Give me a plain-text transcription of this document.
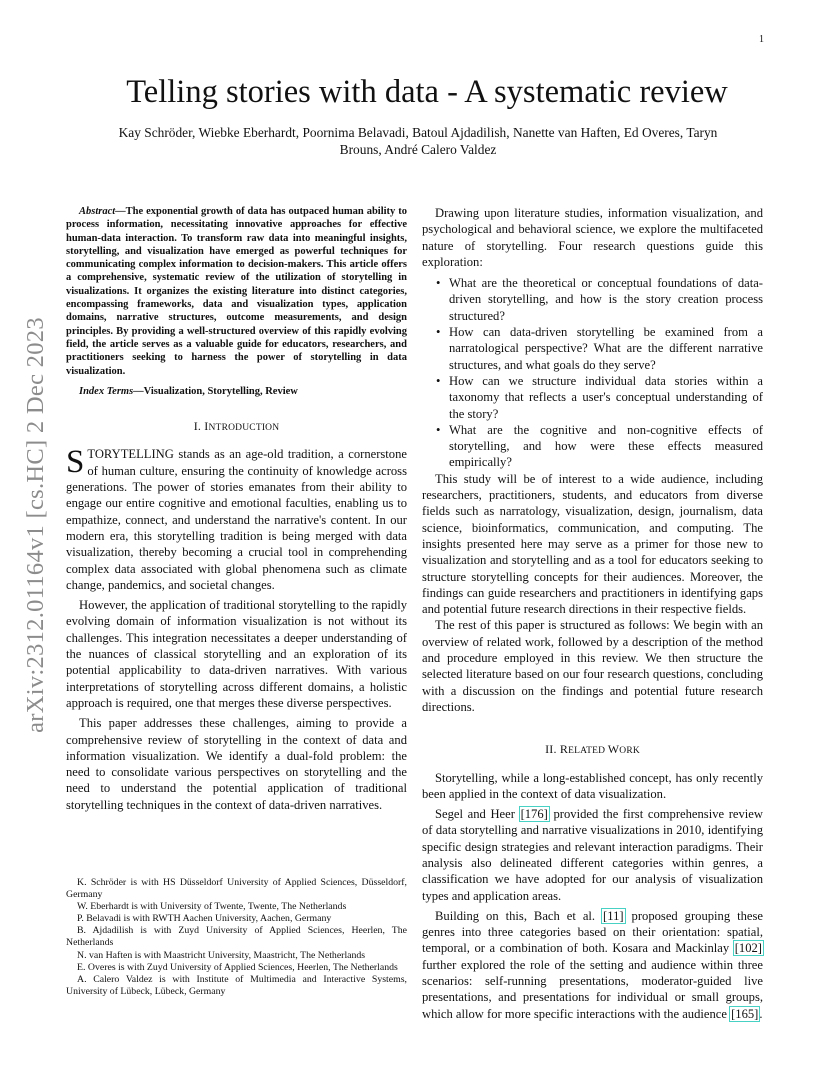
1
arXiv:2312.01164v1 [cs.HC] 2 Dec 2023
Telling stories with data - A systematic review
Kay Schröder, Wiebke Eberhardt, Poornima Belavadi, Batoul Ajdadilish, Nanette van Haften, Ed Overes, Taryn
Brouns, André Calero Valdez

Abstract—The exponential growth of data has outpaced human ability to process information, necessitating innovative approaches for effective human-data interaction. To transform raw data into meaningful insights, storytelling, and visualization have emerged as powerful techniques for communicating complex information to decision-makers. This article offers a comprehensive, systematic review of the utilization of storytelling in visualizations. It organizes the existing literature into distinct categories, encompassing frameworks, data and visualization types, application domains, narrative structures, outcome measurements, and design principles. By providing a well-structured overview of this rapidly evolving field, the article serves as a valuable guide for educators, researchers, and practitioners seeking to harness the power of storytelling in data visualization.

Index Terms—Visualization, Storytelling, Review

I. INTRODUCTION

STORYTELLING stands as an age-old tradition, a cornerstone of human culture, ensuring the continuity of knowledge across generations. The power of stories emanates from their ability to engage our entire cognitive and emotional faculties, enabling us to empathize, connect, and understand the narrative's content. In our modern era, this storytelling tradition is being merged with data visualization, thereby becoming a crucial tool in comprehending complex data associated with global phenomena such as climate change, pandemics, and societal changes.

However, the application of traditional storytelling to the rapidly evolving domain of information visualization is not without its challenges. This integration necessitates a deeper understanding of the nuances of classical storytelling and an exploration of its potential applicability to data-driven narratives. With various interpretations of storytelling across different domains, a holistic approach is required, one that merges these diverse perspectives.

This paper addresses these challenges, aiming to provide a comprehensive review of storytelling in the context of data and information visualization. We identify a dual-fold problem: the need to consolidate various perspectives on storytelling and the need to understand the potential application of traditional storytelling techniques in the context of data-driven narratives.

K. Schröder is with HS Düsseldorf University of Applied Sciences, Düsseldorf, Germany

W. Eberhardt is with University of Twente, Twente, The Netherlands

P. Belavadi is with RWTH Aachen University, Aachen, Germany

B. Ajdadilish is with Zuyd University of Applied Sciences, Heerlen, The Netherlands

N. van Haften is with Maastricht University, Maastricht, The Netherlands

E. Overes is with Zuyd University of Applied Sciences, Heerlen, The Netherlands

A. Calero Valdez is with Institute of Multimedia and Interactive Systems, University of Lübeck, Lübeck, Germany

Drawing upon literature studies, information visualization, and psychological and behavioral science, we explore the multifaceted nature of storytelling. Four research questions guide this exploration:

• What are the theoretical or conceptual foundations of data-driven storytelling, and how is the story creation process structured?
• How can data-driven storytelling be examined from a narratological perspective? What are the different narrative structures, and what goals do they serve?
• How can we structure individual data stories within a taxonomy that reflects a user's conceptual understanding of the story?
• What are the cognitive and non-cognitive effects of storytelling, and how were these effects measured empirically?

This study will be of interest to a wide audience, including researchers, practitioners, students, and educators from diverse fields such as narratology, visualization, design, journalism, data science, bioinformatics, communication, and computing. The insights presented here may serve as a primer for those new to visualization and storytelling and as a tool for educators seeking to structure storytelling concepts for their audiences. Moreover, the findings can guide researchers and practitioners in identifying gaps and potential future research directions in their respective fields.

The rest of this paper is structured as follows: We begin with an overview of related work, followed by a description of the method and procedure employed in this review. We then structure the selected literature based on our four research questions, concluding with a discussion on the findings and potential future research directions.

II. RELATED WORK

Storytelling, while a long-established concept, has only recently been applied in the context of data visualization.

Segel and Heer [176] provided the first comprehensive review of data storytelling and narrative visualizations in 2010, identifying specific design strategies and relevant interaction paradigms. Their analysis also delineated different categories within genres, a classification we have adopted for our analysis of visualization types and application areas.

Building on this, Bach et al. [11] proposed grouping these genres into three categories based on their orientation: spatial, temporal, or a combination of both. Kosara and Mackinlay [102] further explored the role of the setting and audience within three scenarios: self-running presentations, moderator-guided live presentations, and presentations for individual or small groups, which allow for more specific interactions with the audience [165].
